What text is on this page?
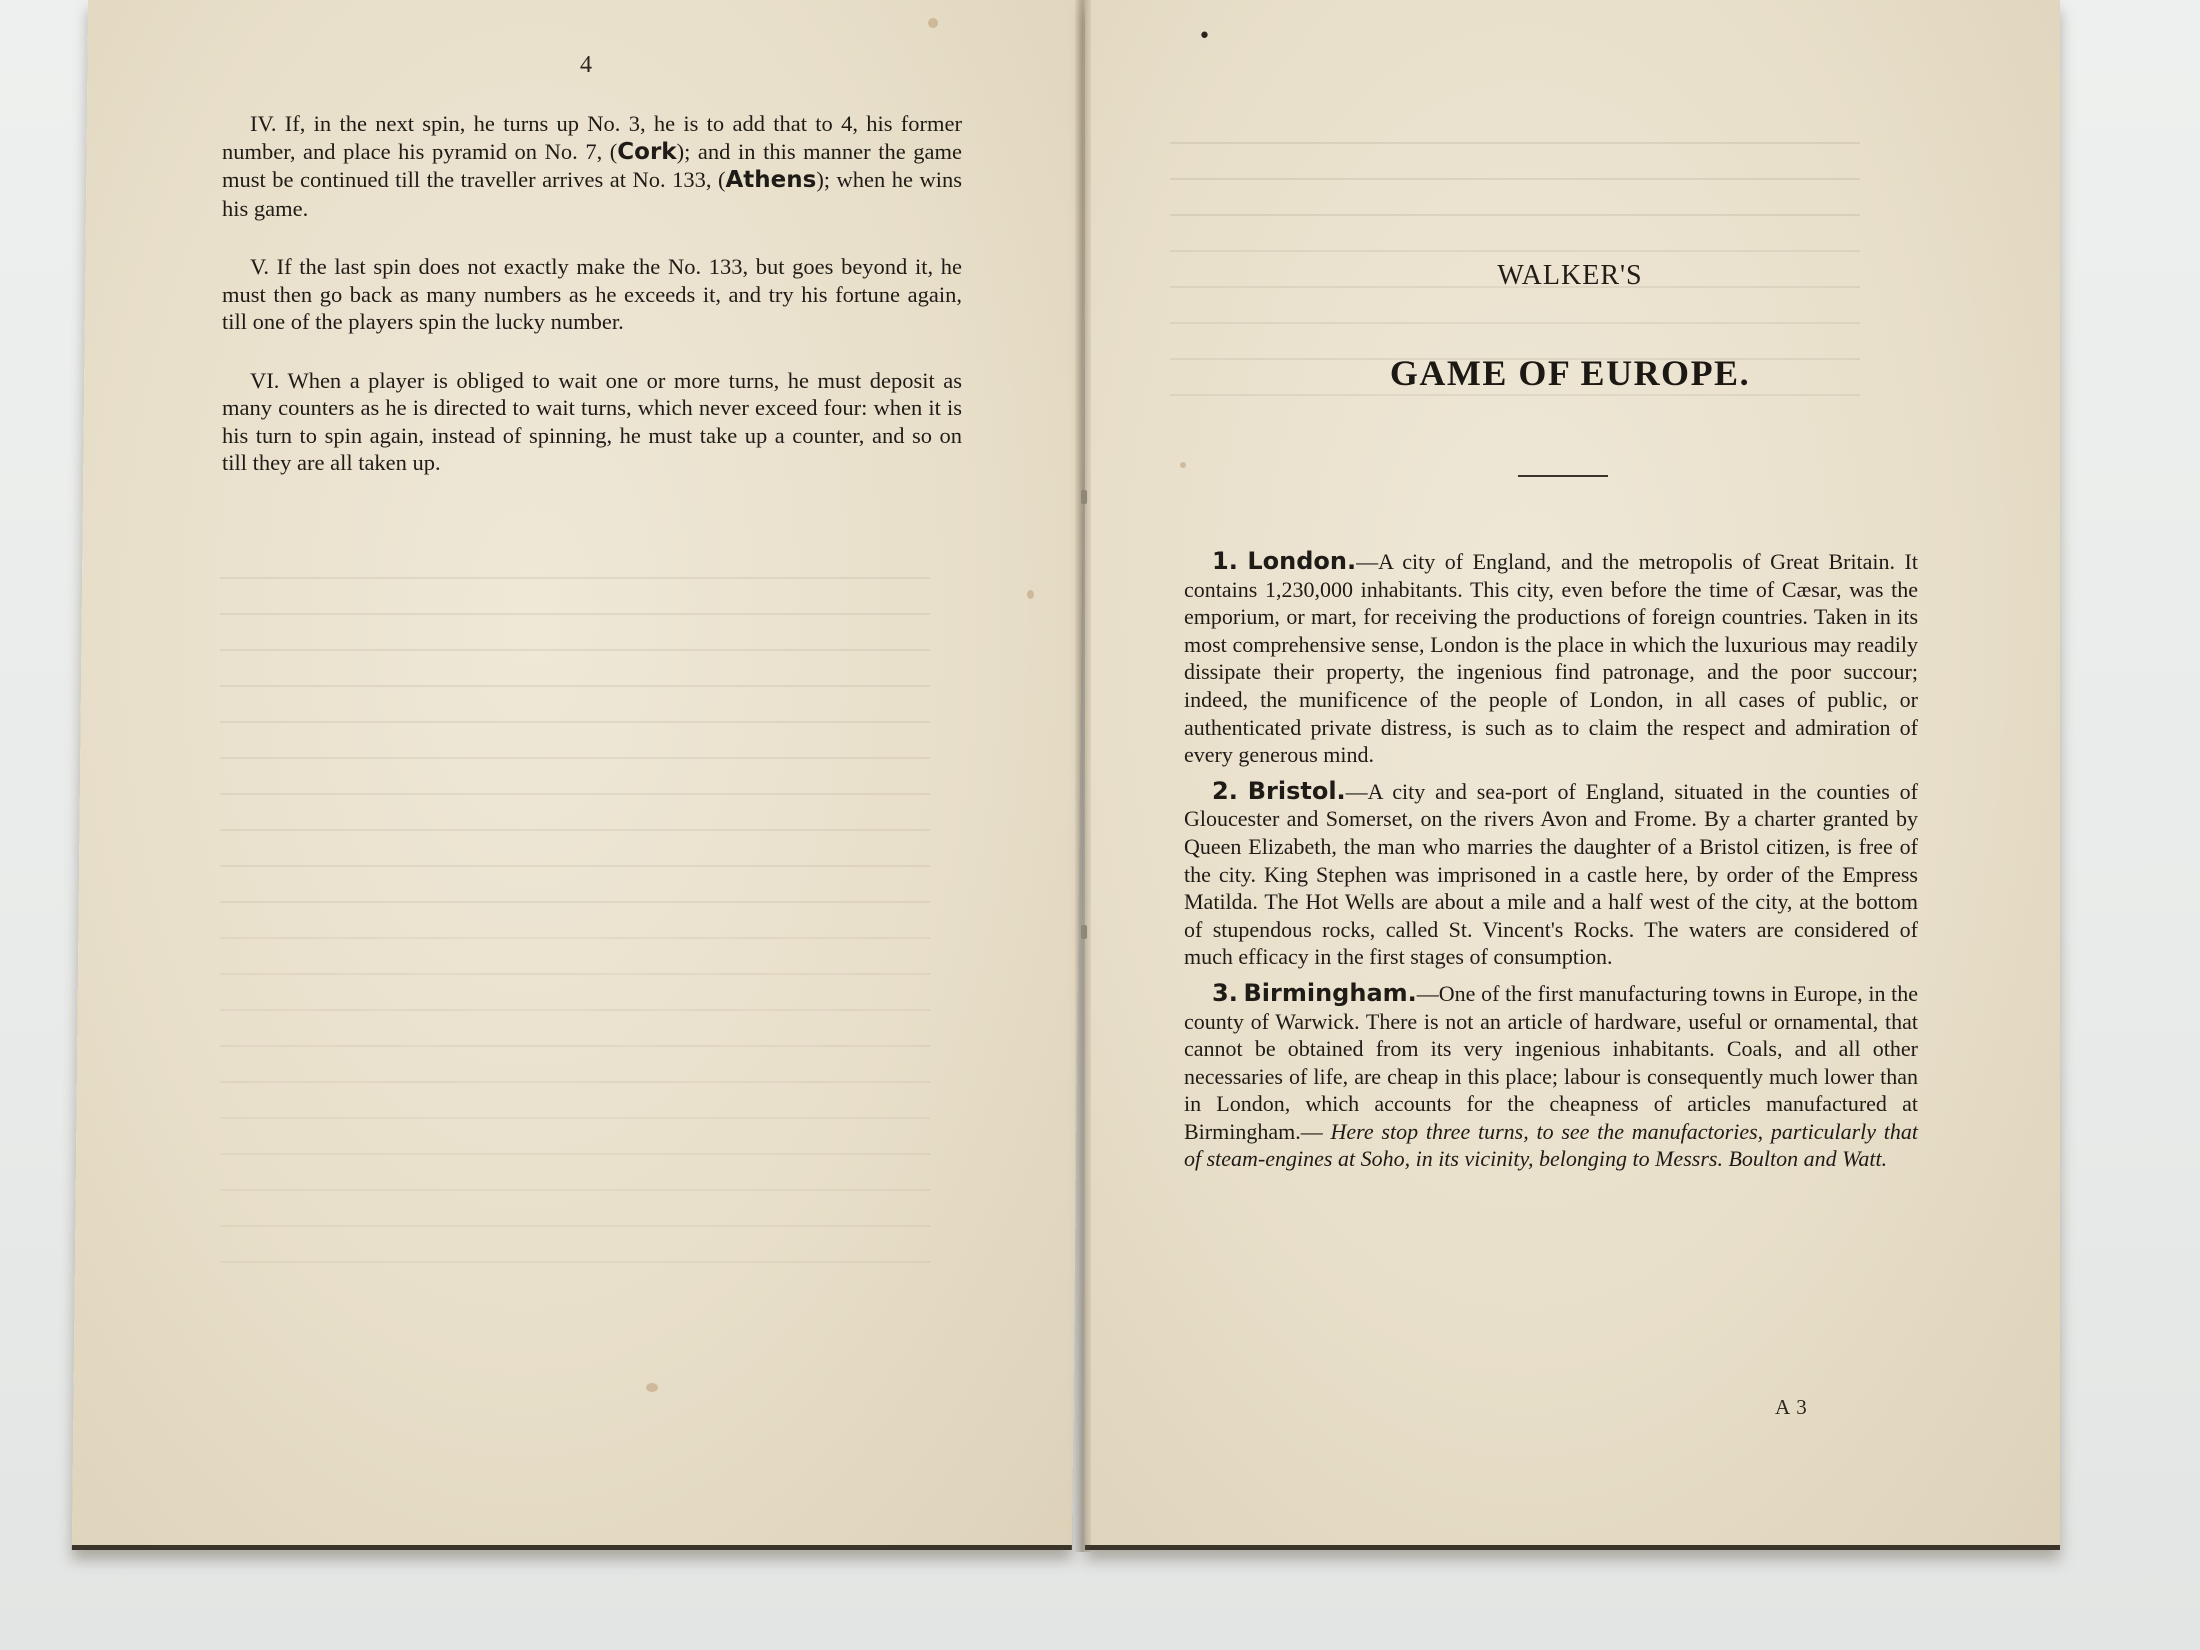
4

IV. If, in the next spin, he turns up No. 3, he is to add that to 4, his former number, and place his pyramid on No. 7, (Cork); and in this manner the game must be continued till the traveller arrives at No. 133, (Athens); when he wins his game.

V. If the last spin does not exactly make the No. 133, but goes beyond it, he must then go back as many numbers as he exceeds it, and try his fortune again, till one of the players spin the lucky number.

VI. When a player is obliged to wait one or more turns, he must deposit as many counters as he is directed to wait turns, which never exceed four: when it is his turn to spin again, instead of spinning, he must take up a counter, and so on till they are all taken up.

•
WALKER'S
GAME OF EUROPE.

1. London.—A city of England, and the metropolis of Great Britain. It contains 1,230,000 inhabitants. This city, even before the time of Cæsar, was the emporium, or mart, for receiving the productions of foreign countries. Taken in its most comprehensive sense, London is the place in which the luxurious may readily dissipate their property, the ingenious find patronage, and the poor succour; indeed, the munificence of the people of London, in all cases of public, or authenticated private distress, is such as to claim the respect and admiration of every generous mind.

2. Bristol.—A city and sea-port of England, situated in the counties of Gloucester and Somerset, on the rivers Avon and Frome. By a charter granted by Queen Elizabeth, the man who marries the daughter of a Bristol citizen, is free of the city. King Stephen was imprisoned in a castle here, by order of the Empress Matilda. The Hot Wells are about a mile and a half west of the city, at the bottom of stupendous rocks, called St. Vincent's Rocks. The waters are considered of much efficacy in the first stages of consumption.

3. Birmingham.—One of the first manufacturing towns in Europe, in the county of Warwick. There is not an article of hardware, useful or ornamental, that cannot be obtained from its very ingenious inhabitants. Coals, and all other necessaries of life, are cheap in this place; labour is consequently much lower than in London, which accounts for the cheapness of articles manufactured at Birmingham.— Here stop three turns, to see the manufactories, particularly that of steam-engines at Soho, in its vicinity, belonging to Messrs. Boulton and Watt.

A 3
